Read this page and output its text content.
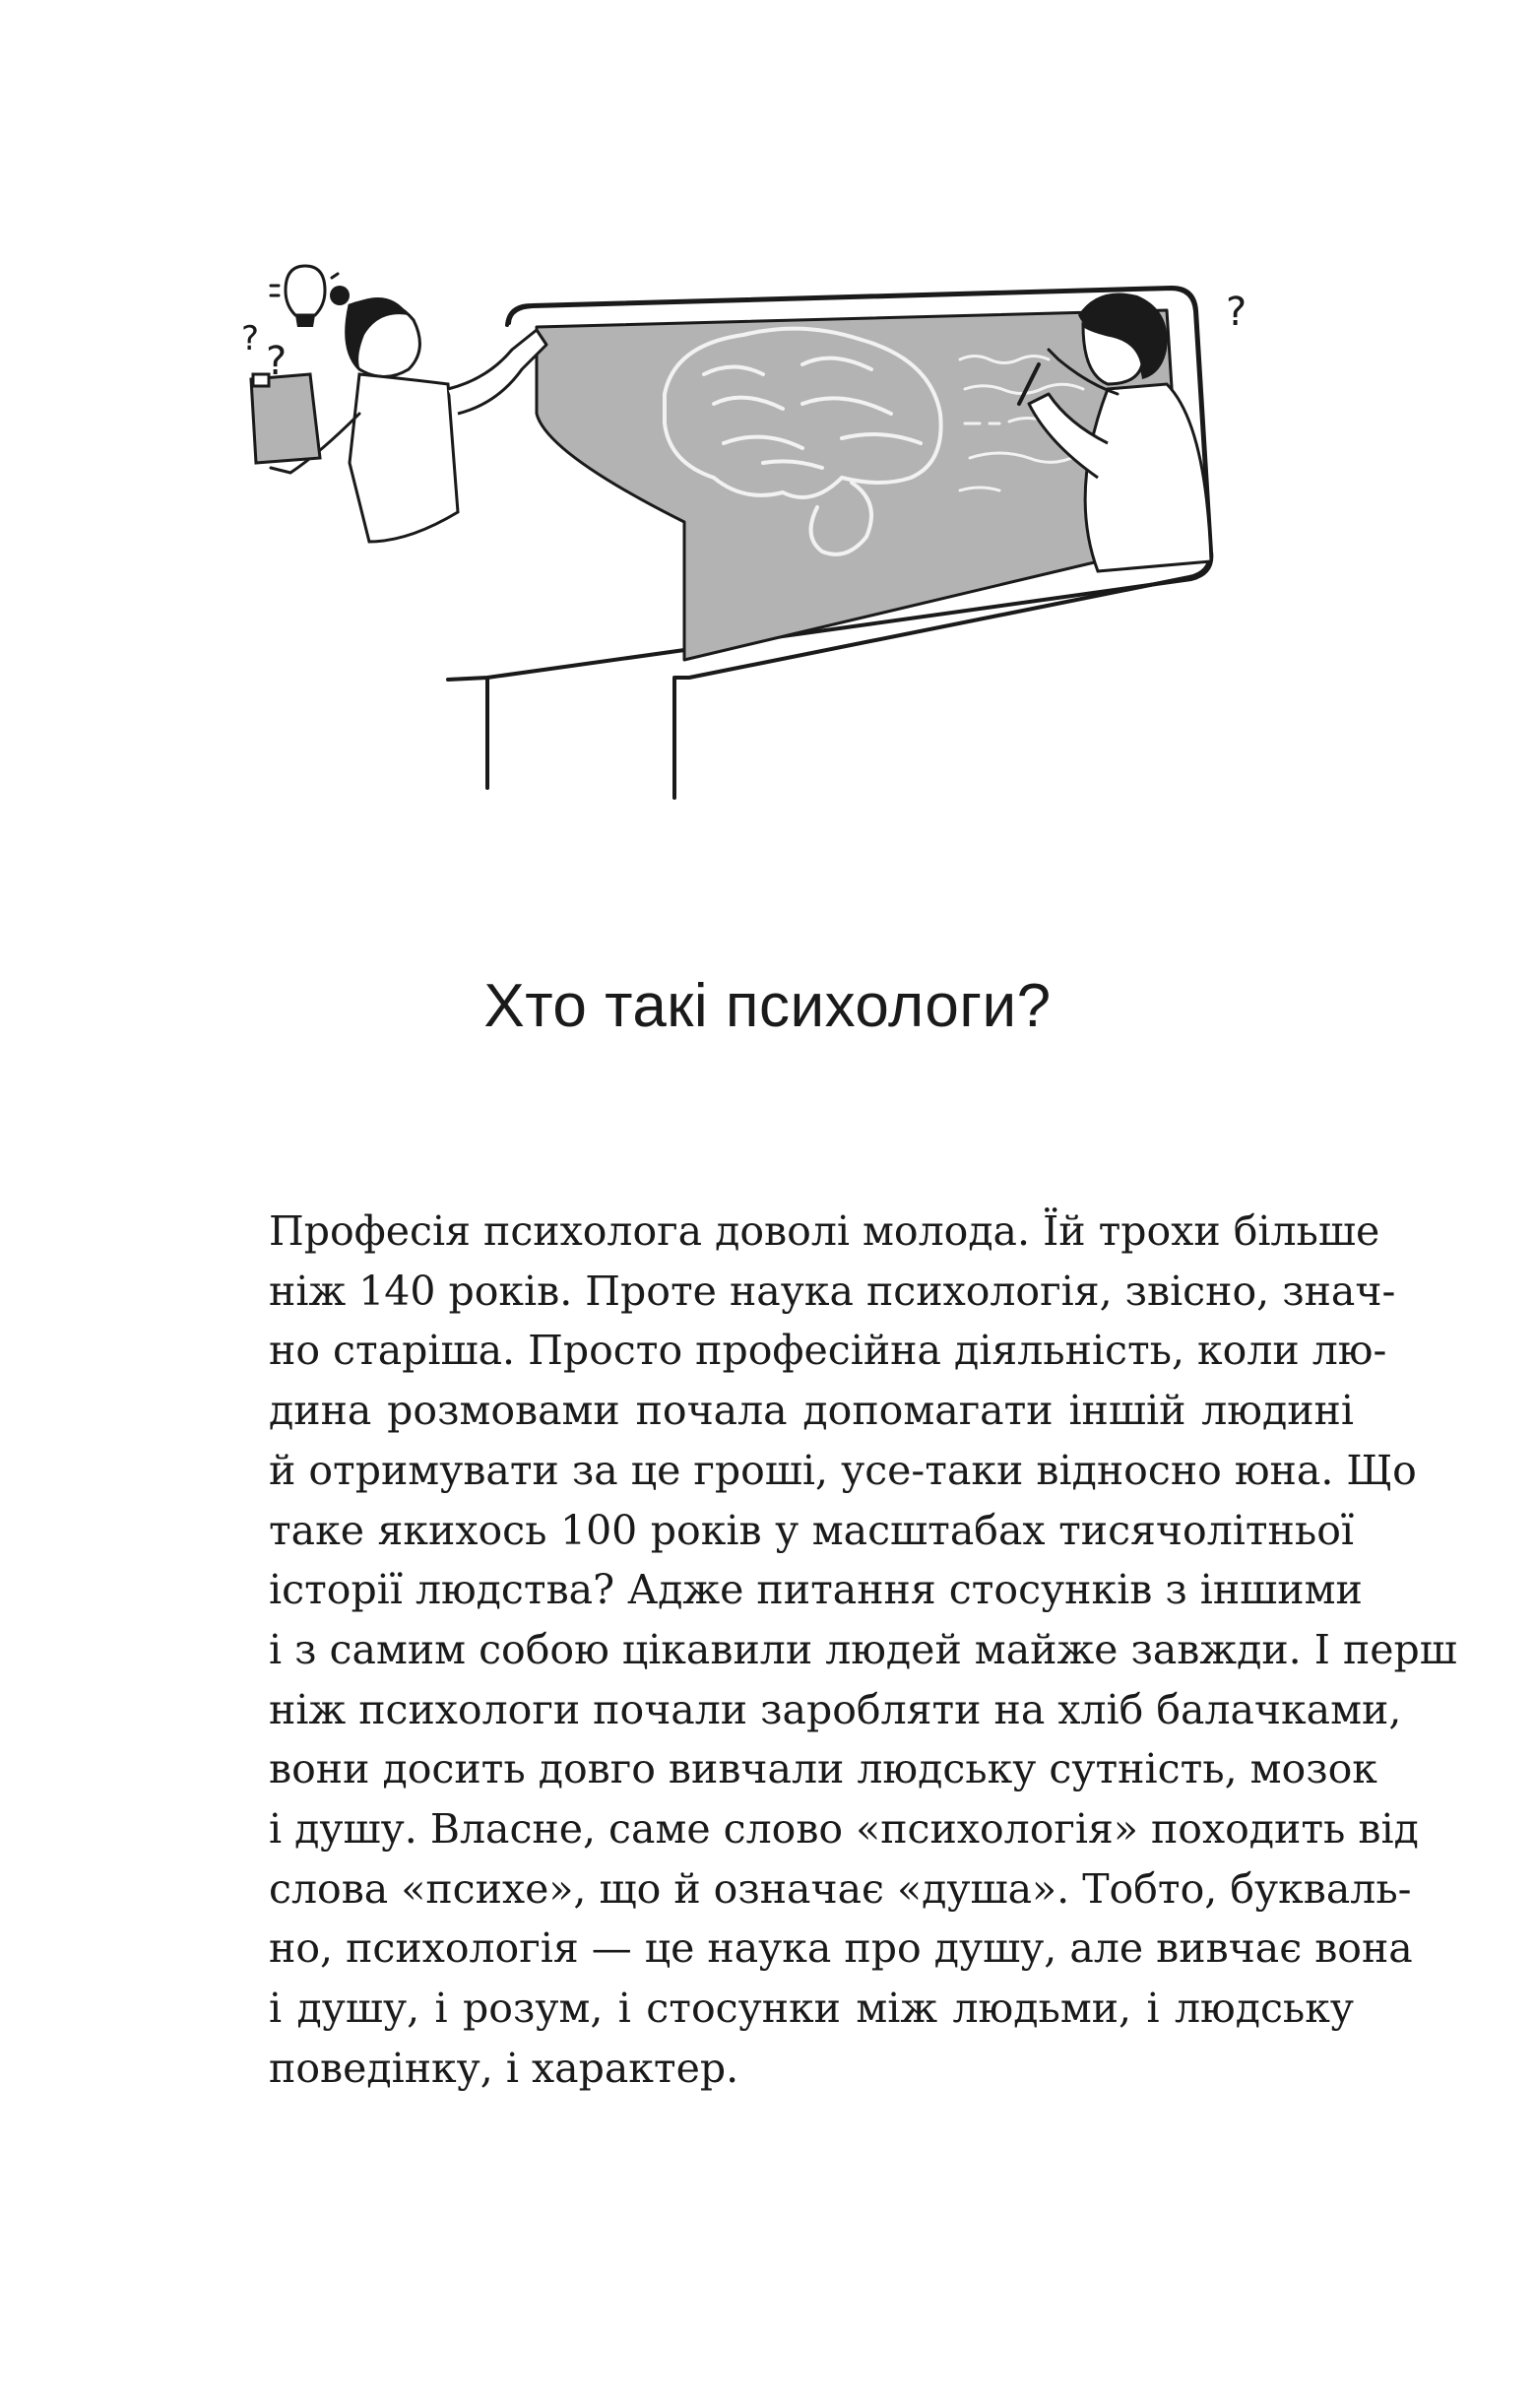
? ?
?
Хто такі психологи?

Професія психолога доволі молода. Їй трохи більше
ніж 140 років. Проте наука психологія, звісно, знач-
но старіша. Просто професійна діяльність, коли лю-
дина розмовами почала допомагати іншій людині
й отримувати за це гроші, усе-таки відносно юна. Що
таке якихось 100 років у масштабах тисячолітньої
історії людства? Адже питання стосунків з іншими
і з самим собою цікавили людей майже завжди. І перш
ніж психологи почали заробляти на хліб балачками,
вони досить довго вивчали людську сутність, мозок
і душу. Власне, саме слово «психологія» походить від
слова «психе», що й означає «душа». Тобто, букваль-
но, психологія — це наука про душу, але вивчає вона
і душу, і розум, і стосунки між людьми, і людську
поведінку, і характер.
